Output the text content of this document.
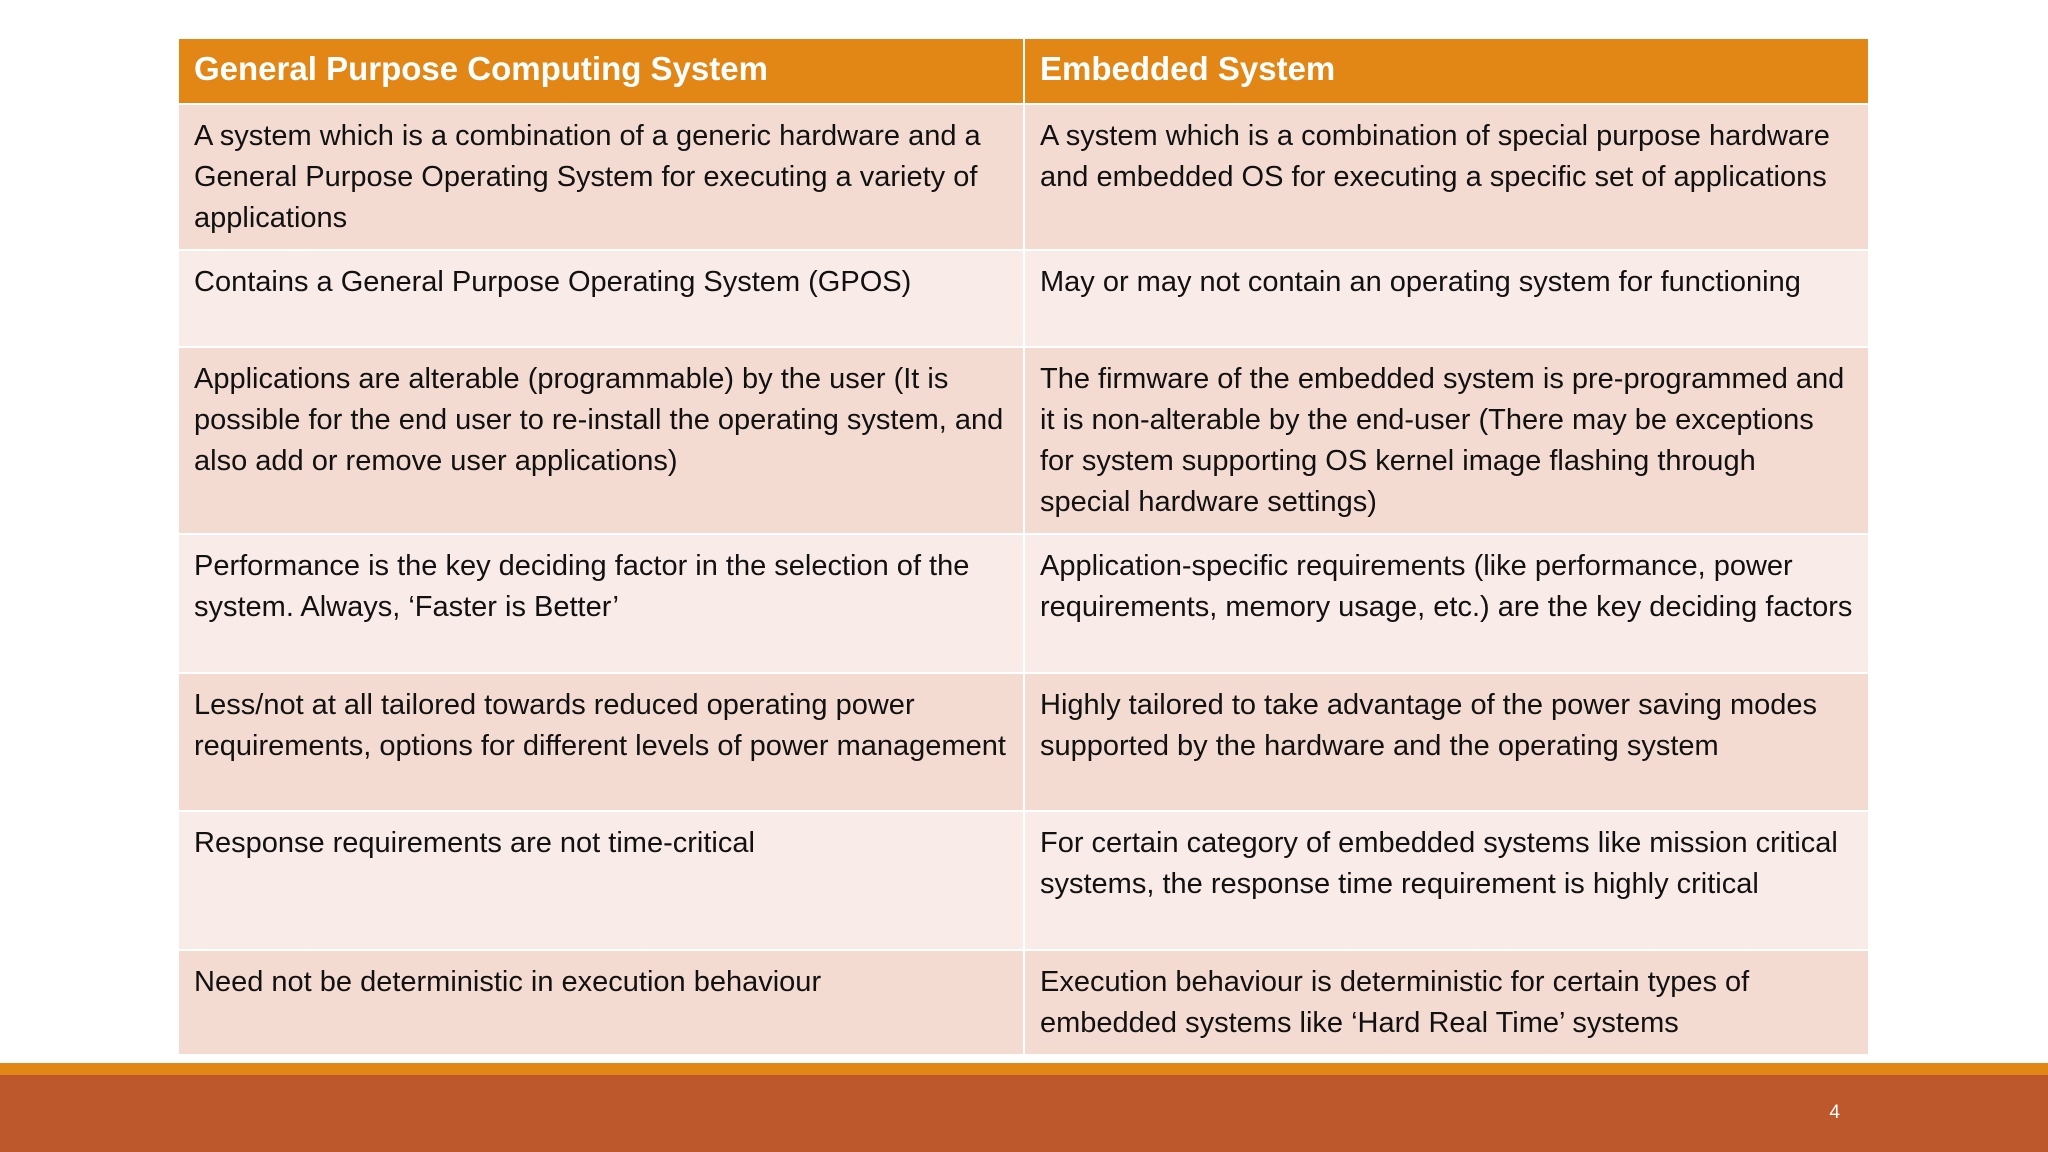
General Purpose Computing System	Embedded System
A system which is a combination of a generic hardware and a General Purpose Operating System for executing a variety of applications	A system which is a combination of special purpose hardware and embedded OS for executing a specific set of applications
Contains a General Purpose Operating System (GPOS)	May or may not contain an operating system for functioning
Applications are alterable (programmable) by the user (It is possible for the end user to re-install the operating system, and also add or remove user applications)	The firmware of the embedded system is pre-programmed and it is non-alterable by the end-user (There may be exceptions for system supporting OS kernel image flashing through special hardware settings)
Performance is the key deciding factor in the selection of the system. Always, ‘Faster is Better’	Application-specific requirements (like performance, power requirements, memory usage, etc.) are the key deciding factors
Less/not at all tailored towards reduced operating power requirements, options for different levels of power management	Highly tailored to take advantage of the power saving modes supported by the hardware and the operating system
Response requirements are not time-critical	For certain category of embedded systems like mission critical systems, the response time requirement is highly critical
Need not be deterministic in execution behaviour	Execution behaviour is deterministic for certain types of embedded systems like ‘Hard Real Time’ systems
4
